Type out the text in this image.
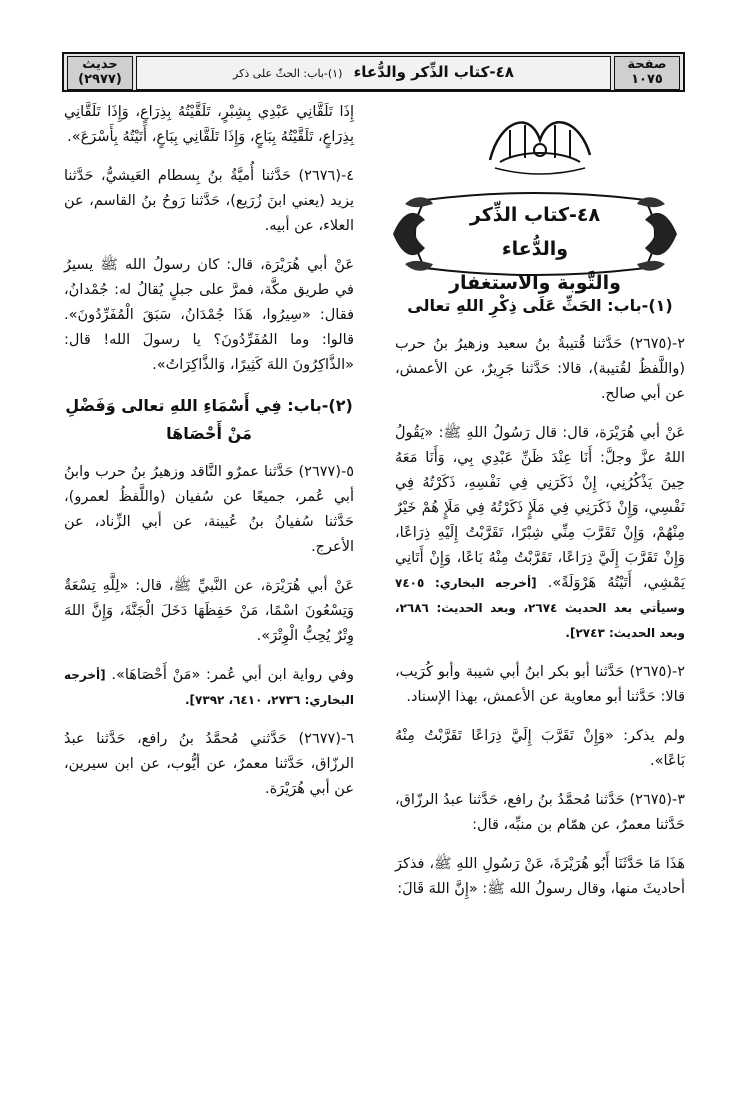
حديث
(٢٩٧٧)	٤٨-كتاب الذِّكر والدُّعاء (١)-باب: الحثّ على ذكر
صفحة
١٠٧٥
٤٨-كتاب الذِّكر والدُّعاء
والتَّوبة والاستغفار
(١)-باب: الحَثِّ عَلَى ذِكْرِ اللهِ تعالى

٢-(٢٦٧٥) حَدَّثنا قُتيبةُ بنُ سعيد وزهيرُ بنُ حرب (واللَّفظُ لقُتيبة)، قالا: حَدَّثنا جَرِيرٌ، عن الأعمش، عن أبي صالح.

عَنْ أبي هُرَيْرَة، قال: قال رَسُولُ اللهِ ﷺ: «يَقُولُ اللهُ عزَّ وجلَّ: أَنَا عِنْدَ ظَنِّ عَبْدِي بِي، وَأَنَا مَعَهُ حِينَ يَذْكُرُنِي، إِنْ ذَكَرَنِي فِي نَفْسِهِ، ذَكَرْتُهُ فِي نَفْسِي، وَإِنْ ذَكَرَنِي فِي مَلَإٍ ذَكَرْتُهُ فِي مَلَإٍ هُمْ خَيْرٌ مِنْهُمْ، وَإِنْ تَقَرَّبَ مِنِّي شِبْرًا، تَقَرَّبْتُ إِلَيْهِ ذِرَاعًا، وَإِنْ تَقَرَّبَ إِلَيَّ ذِرَاعًا، تَقَرَّبْتُ مِنْهُ بَاعًا، وَإِنْ أَتَانِي يَمْشِي، أَتَيْتُهُ هَرْوَلَةً». [أخرجه البخاري: ٧٤٠٥ وسيأتي بعد الحديث ٢٦٧٤، وبعد الحديث: ٢٦٨٦، وبعد الحديث: ٢٧٤٣].

٢-(٢٦٧٥) حَدَّثنا أبو بكر ابنُ أبي شيبة وأبو كُرَيب، قالا: حَدَّثنا أبو معاوية عن الأعمش، بهذا الإسناد.

ولم يذكر: «وَإِنْ تَقَرَّبَ إِلَيَّ ذِرَاعًا تَقَرَّبْتُ مِنْهُ بَاعًا».

٣-(٢٦٧٥) حَدَّثنا مُحمَّدُ بنُ رافع، حَدَّثنا عبدُ الرزّاق، حَدَّثنا معمرٌ، عن همّام بن منبِّه، قال:

هَذَا مَا حَدَّثَنَا أَبُو هُرَيْرَةَ، عَنْ رَسُولِ اللهِ ﷺ، فذكرَ أحاديثَ منها، وقال رسولُ الله ﷺ: «إِنَّ اللهَ قَالَ:

إِذَا تَلَقَّانِي عَبْدِي بِشِبْرٍ، تَلَقَّيْتُهُ بِذِرَاعٍ، وَإِذَا تَلَقَّانِي بِذِرَاعٍ، تَلَقَّيْتُهُ بِبَاعٍ، وَإِذَا تَلَقَّانِي بِبَاعٍ، أَتَيْتُهُ بِأَسْرَعَ».

٤-(٢٦٧٦) حَدَّثنا أُميَّةُ بنُ بِسطام العَيشيُّ، حَدَّثنا يزيد (يعني ابنَ زُرَيع)، حَدَّثنا رَوحُ بنُ القاسم، عن العلاء، عن أبيه.

عَنْ أبي هُرَيْرَة، قال: كان رسولُ الله ﷺ يسيرُ في طريق مكَّة، فمرَّ على جبلٍ يُقالُ له: جُمْدانُ، فقال: «سِيرُوا، هَذَا جُمْدَانُ، سَبَقَ الْمُفَرِّدُونَ». قالوا: وما المُفَرِّدُونَ؟ يا رسولَ الله! قال: «الذَّاكِرُونَ اللهَ كَثِيرًا، وَالذَّاكِرَاتُ».

(٢)-باب: فِي أَسْمَاءِ اللهِ تعالى وَفَضْلِ مَنْ أَحْصَاهَا

٥-(٢٦٧٧) حَدَّثنا عمرٌو النَّاقد وزهيرُ بنُ حرب وابنُ أبي عُمر، جميعًا عن سُفيان (واللَّفظُ لعمرو)، حَدَّثنا سُفيانُ بنُ عُيينة، عن أبي الزِّناد، عن الأعرج.

عَنْ أبي هُرَيْرَة، عن النَّبيِّ ﷺ، قال: «لِلَّهِ تِسْعَةٌ وَتِسْعُونَ اسْمًا، مَنْ حَفِظَهَا دَخَلَ الْجَنَّةَ، وَإِنَّ اللهَ وِتْرٌ يُحِبُّ الْوِتْرَ».

وفي رواية ابن أبي عُمر: «مَنْ أَحْصَاهَا». [أخرجه البخاري: ٢٧٣٦، ٦٤١٠، ٧٣٩٢].

٦-(٢٦٧٧) حَدَّثني مُحمَّدُ بنُ رافع، حَدَّثنا عبدُ الرزّاق، حَدَّثنا معمرٌ، عن أيُّوب، عن ابن سيرين، عن أبي هُرَيْرَة.
